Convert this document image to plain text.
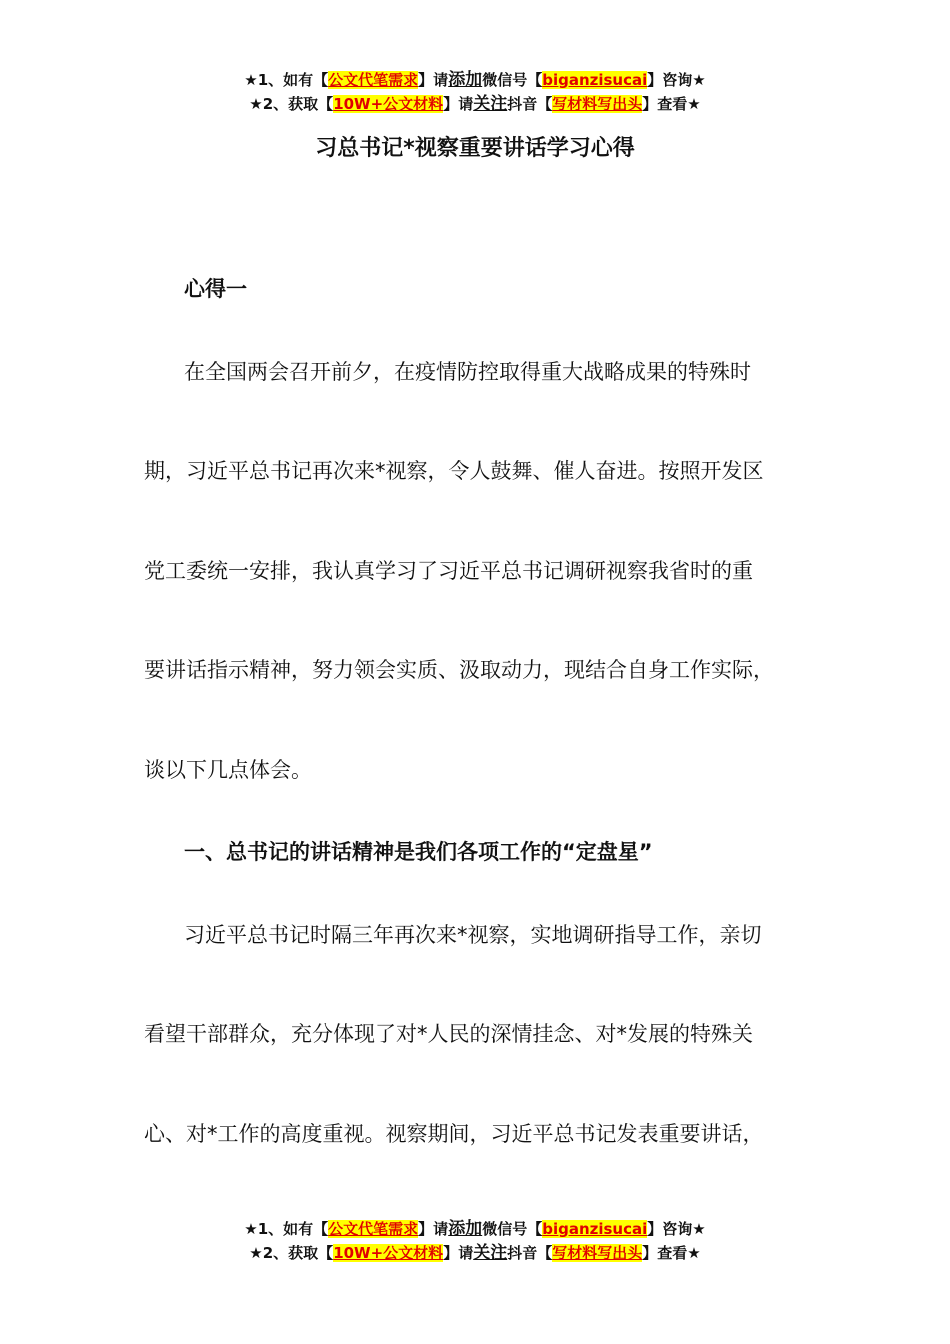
★1、如有【公文代笔需求】请添加微信号【biganzisucai】咨询★
★2、获取【10W+公文材料】请关注抖音【写材料写出头】查看★
习总书记*视察重要讲话学习心得
心得一
在全国两会召开前夕，在疫情防控取得重大战略成果的特殊时
期，习近平总书记再次来*视察，令人鼓舞、催人奋进。按照开发区
党工委统一安排，我认真学习了习近平总书记调研视察我省时的重
要讲话指示精神，努力领会实质、汲取动力，现结合自身工作实际，
谈以下几点体会。
一、总书记的讲话精神是我们各项工作的“定盘星”
习近平总书记时隔三年再次来*视察，实地调研指导工作，亲切
看望干部群众，充分体现了对*人民的深情挂念、对*发展的特殊关
心、对*工作的高度重视。视察期间，习近平总书记发表重要讲话，
★1、如有【公文代笔需求】请添加微信号【biganzisucai】咨询★
★2、获取【10W+公文材料】请关注抖音【写材料写出头】查看★
